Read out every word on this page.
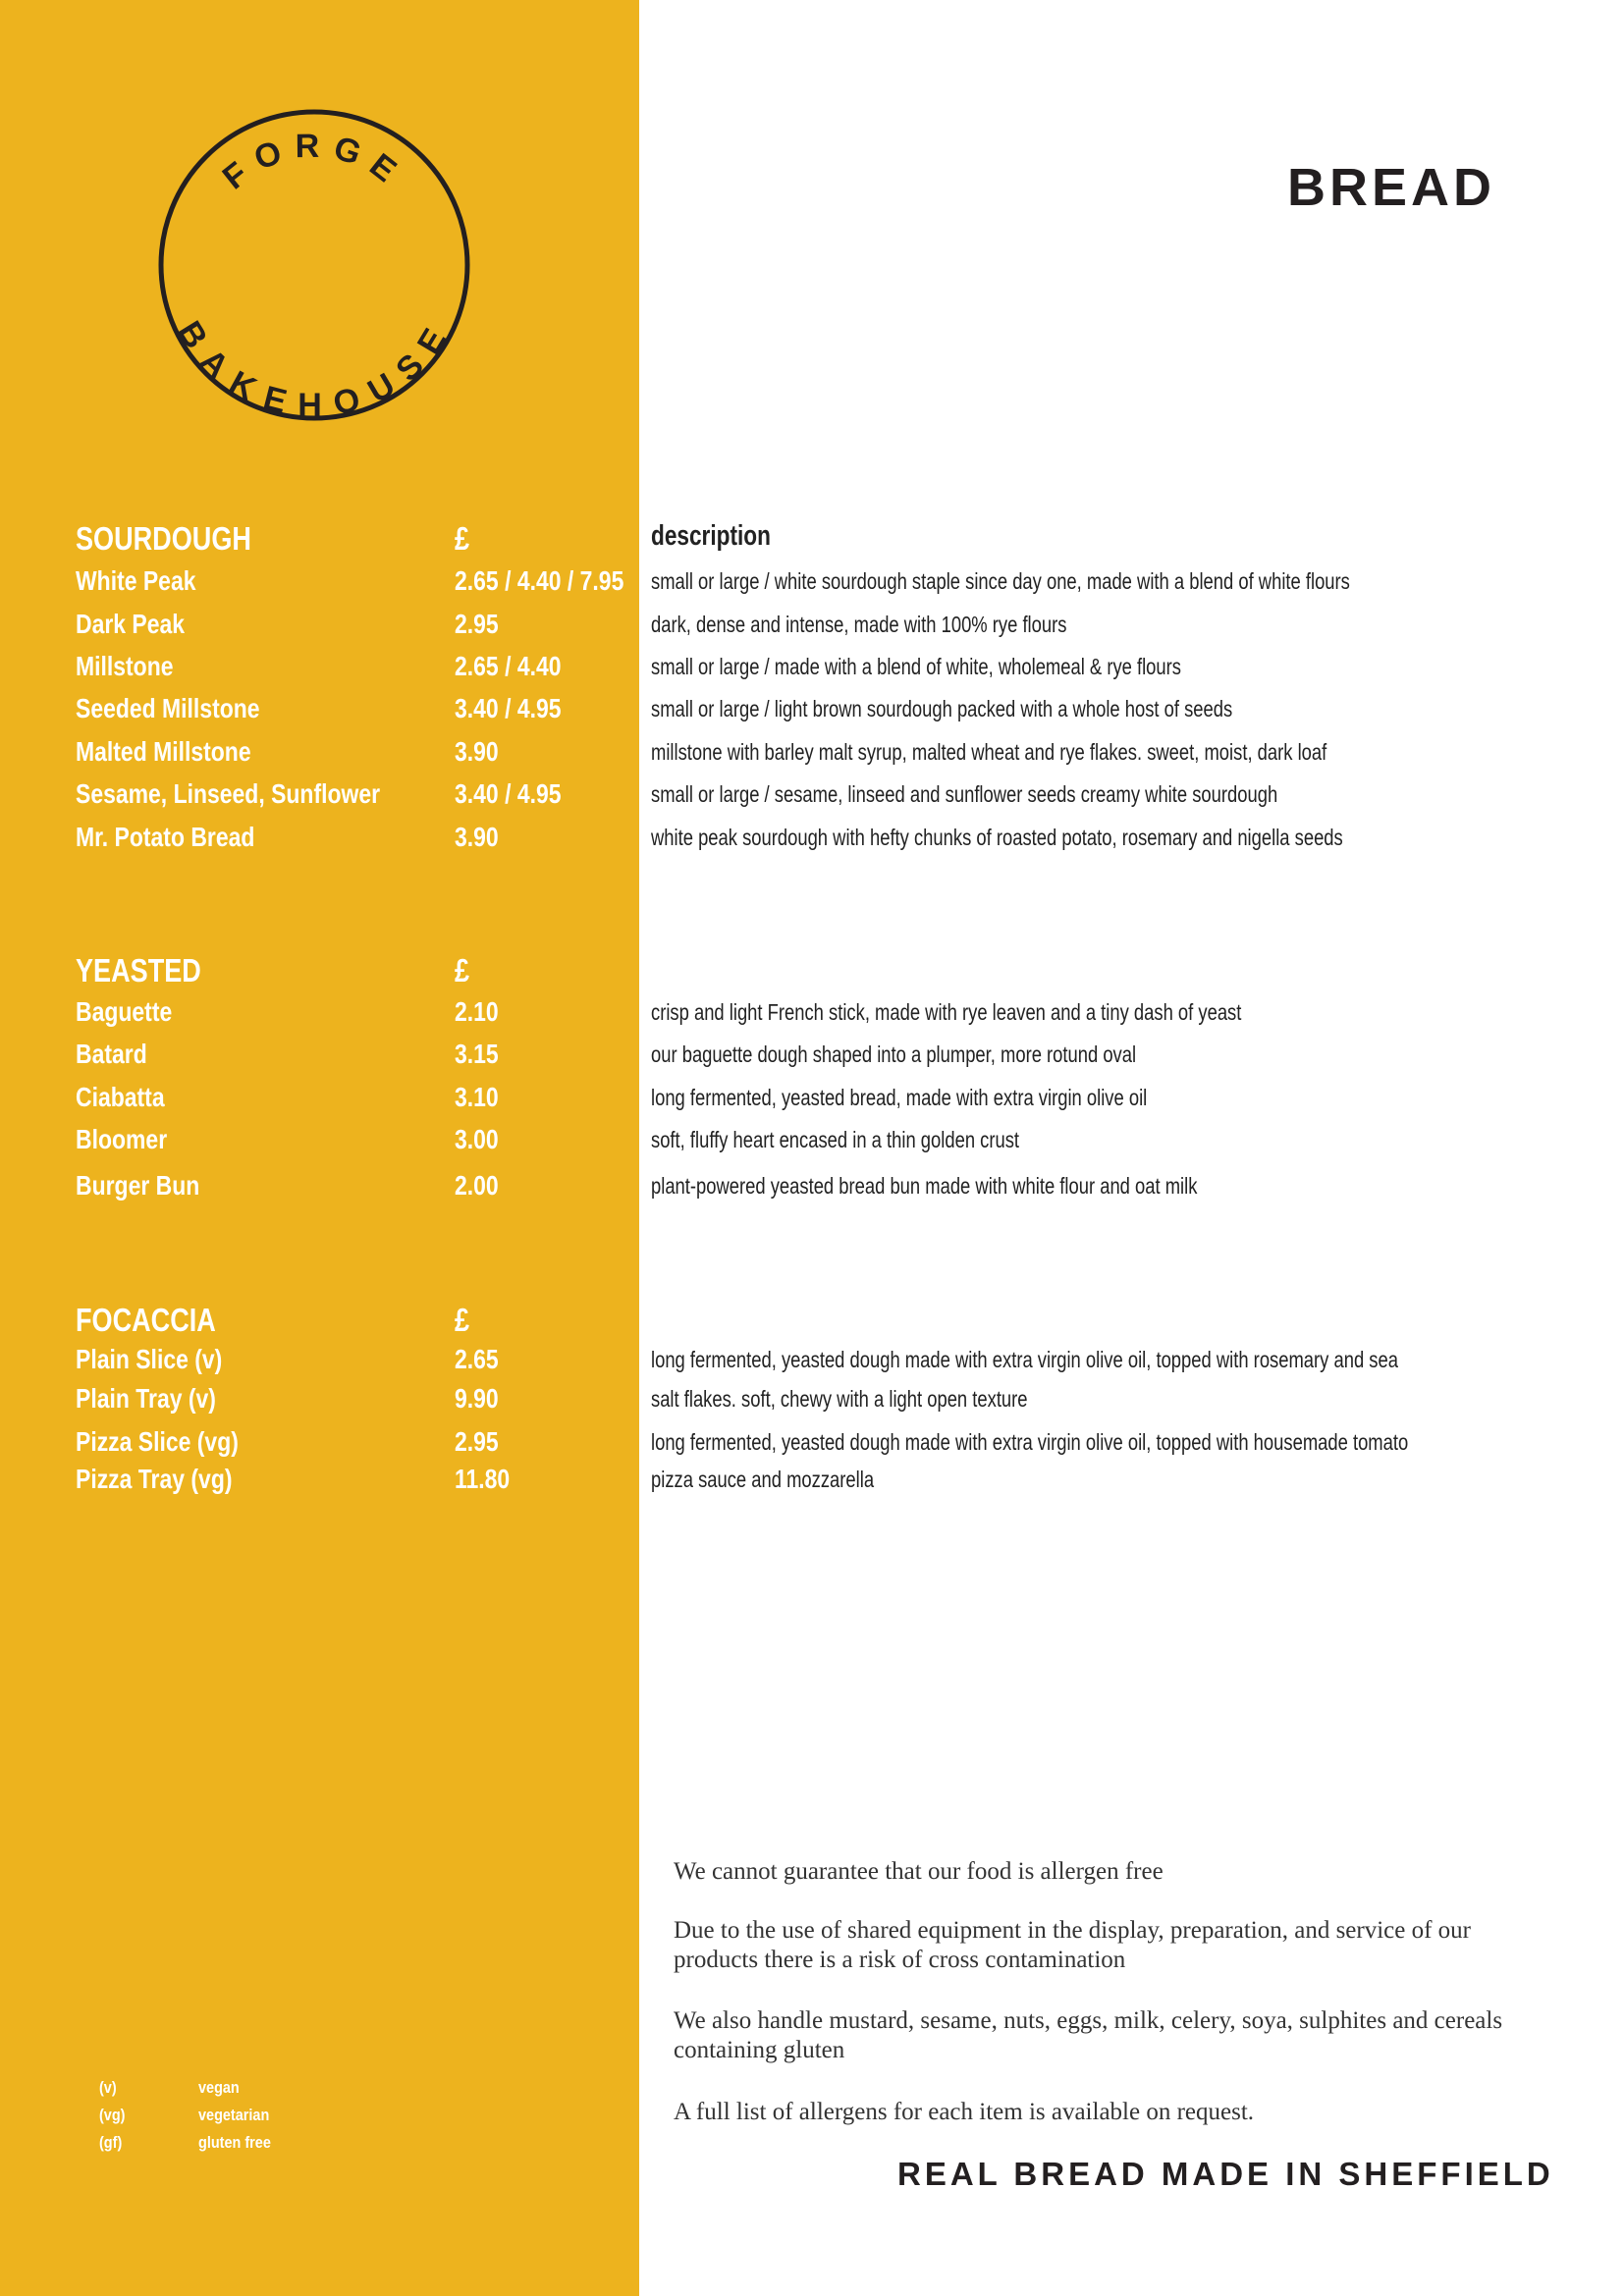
FORGE
BAKEHOUSE
BREAD
description
SOURDOUGH	£
White Peak	2.65 / 4.40 / 7.95 small or large / white sourdough staple since day one, made with a blend of white flours
Dark Peak	2.95	dark, dense and intense, made with 100% rye flours
Millstone	2.65 / 4.40	small or large / made with a blend of white, wholemeal & rye flours
Seeded Millstone	3.40 / 4.95	small or large / light brown sourdough packed with a whole host of seeds
Malted Millstone	3.90	millstone with barley malt syrup, malted wheat and rye flakes. sweet, moist, dark loaf
Sesame, Linseed, Sunflower	3.40 / 4.95	small or large / sesame, linseed and sunflower seeds creamy white sourdough
Mr. Potato Bread	3.90	white peak sourdough with hefty chunks of roasted potato, rosemary and nigella seeds
YEASTED	£
Baguette	2.10	crisp and light French stick, made with rye leaven and a tiny dash of yeast
Batard	3.15	our baguette dough shaped into a plumper, more rotund oval
Ciabatta	3.10	long fermented, yeasted bread, made with extra virgin olive oil
Bloomer	3.00	soft, fluffy heart encased in a thin golden crust
Burger Bun	2.00	plant-powered yeasted bread bun made with white flour and oat milk
FOCACCIA	£
Plain Slice (v)	2.65	long fermented, yeasted dough made with extra virgin olive oil, topped with rosemary and sea
Plain Tray (v)	9.90	salt flakes. soft, chewy with a light open texture
Pizza Slice (vg)	2.95	long fermented, yeasted dough made with extra virgin olive oil, topped with housemade tomato
Pizza Tray (vg)	11.80	pizza sauce and mozzarella
We cannot guarantee that our food is allergen free
Due to the use of shared equipment in the display, preparation, and service of our products there is a risk of cross contamination
We also handle mustard, sesame, nuts, eggs, milk, celery, soya, sulphites and cereals containing gluten
A full list of allergens for each item is available on request.
(v)	vegan
(vg)	vegetarian
(gf)	gluten free
REAL BREAD MADE IN SHEFFIELD
